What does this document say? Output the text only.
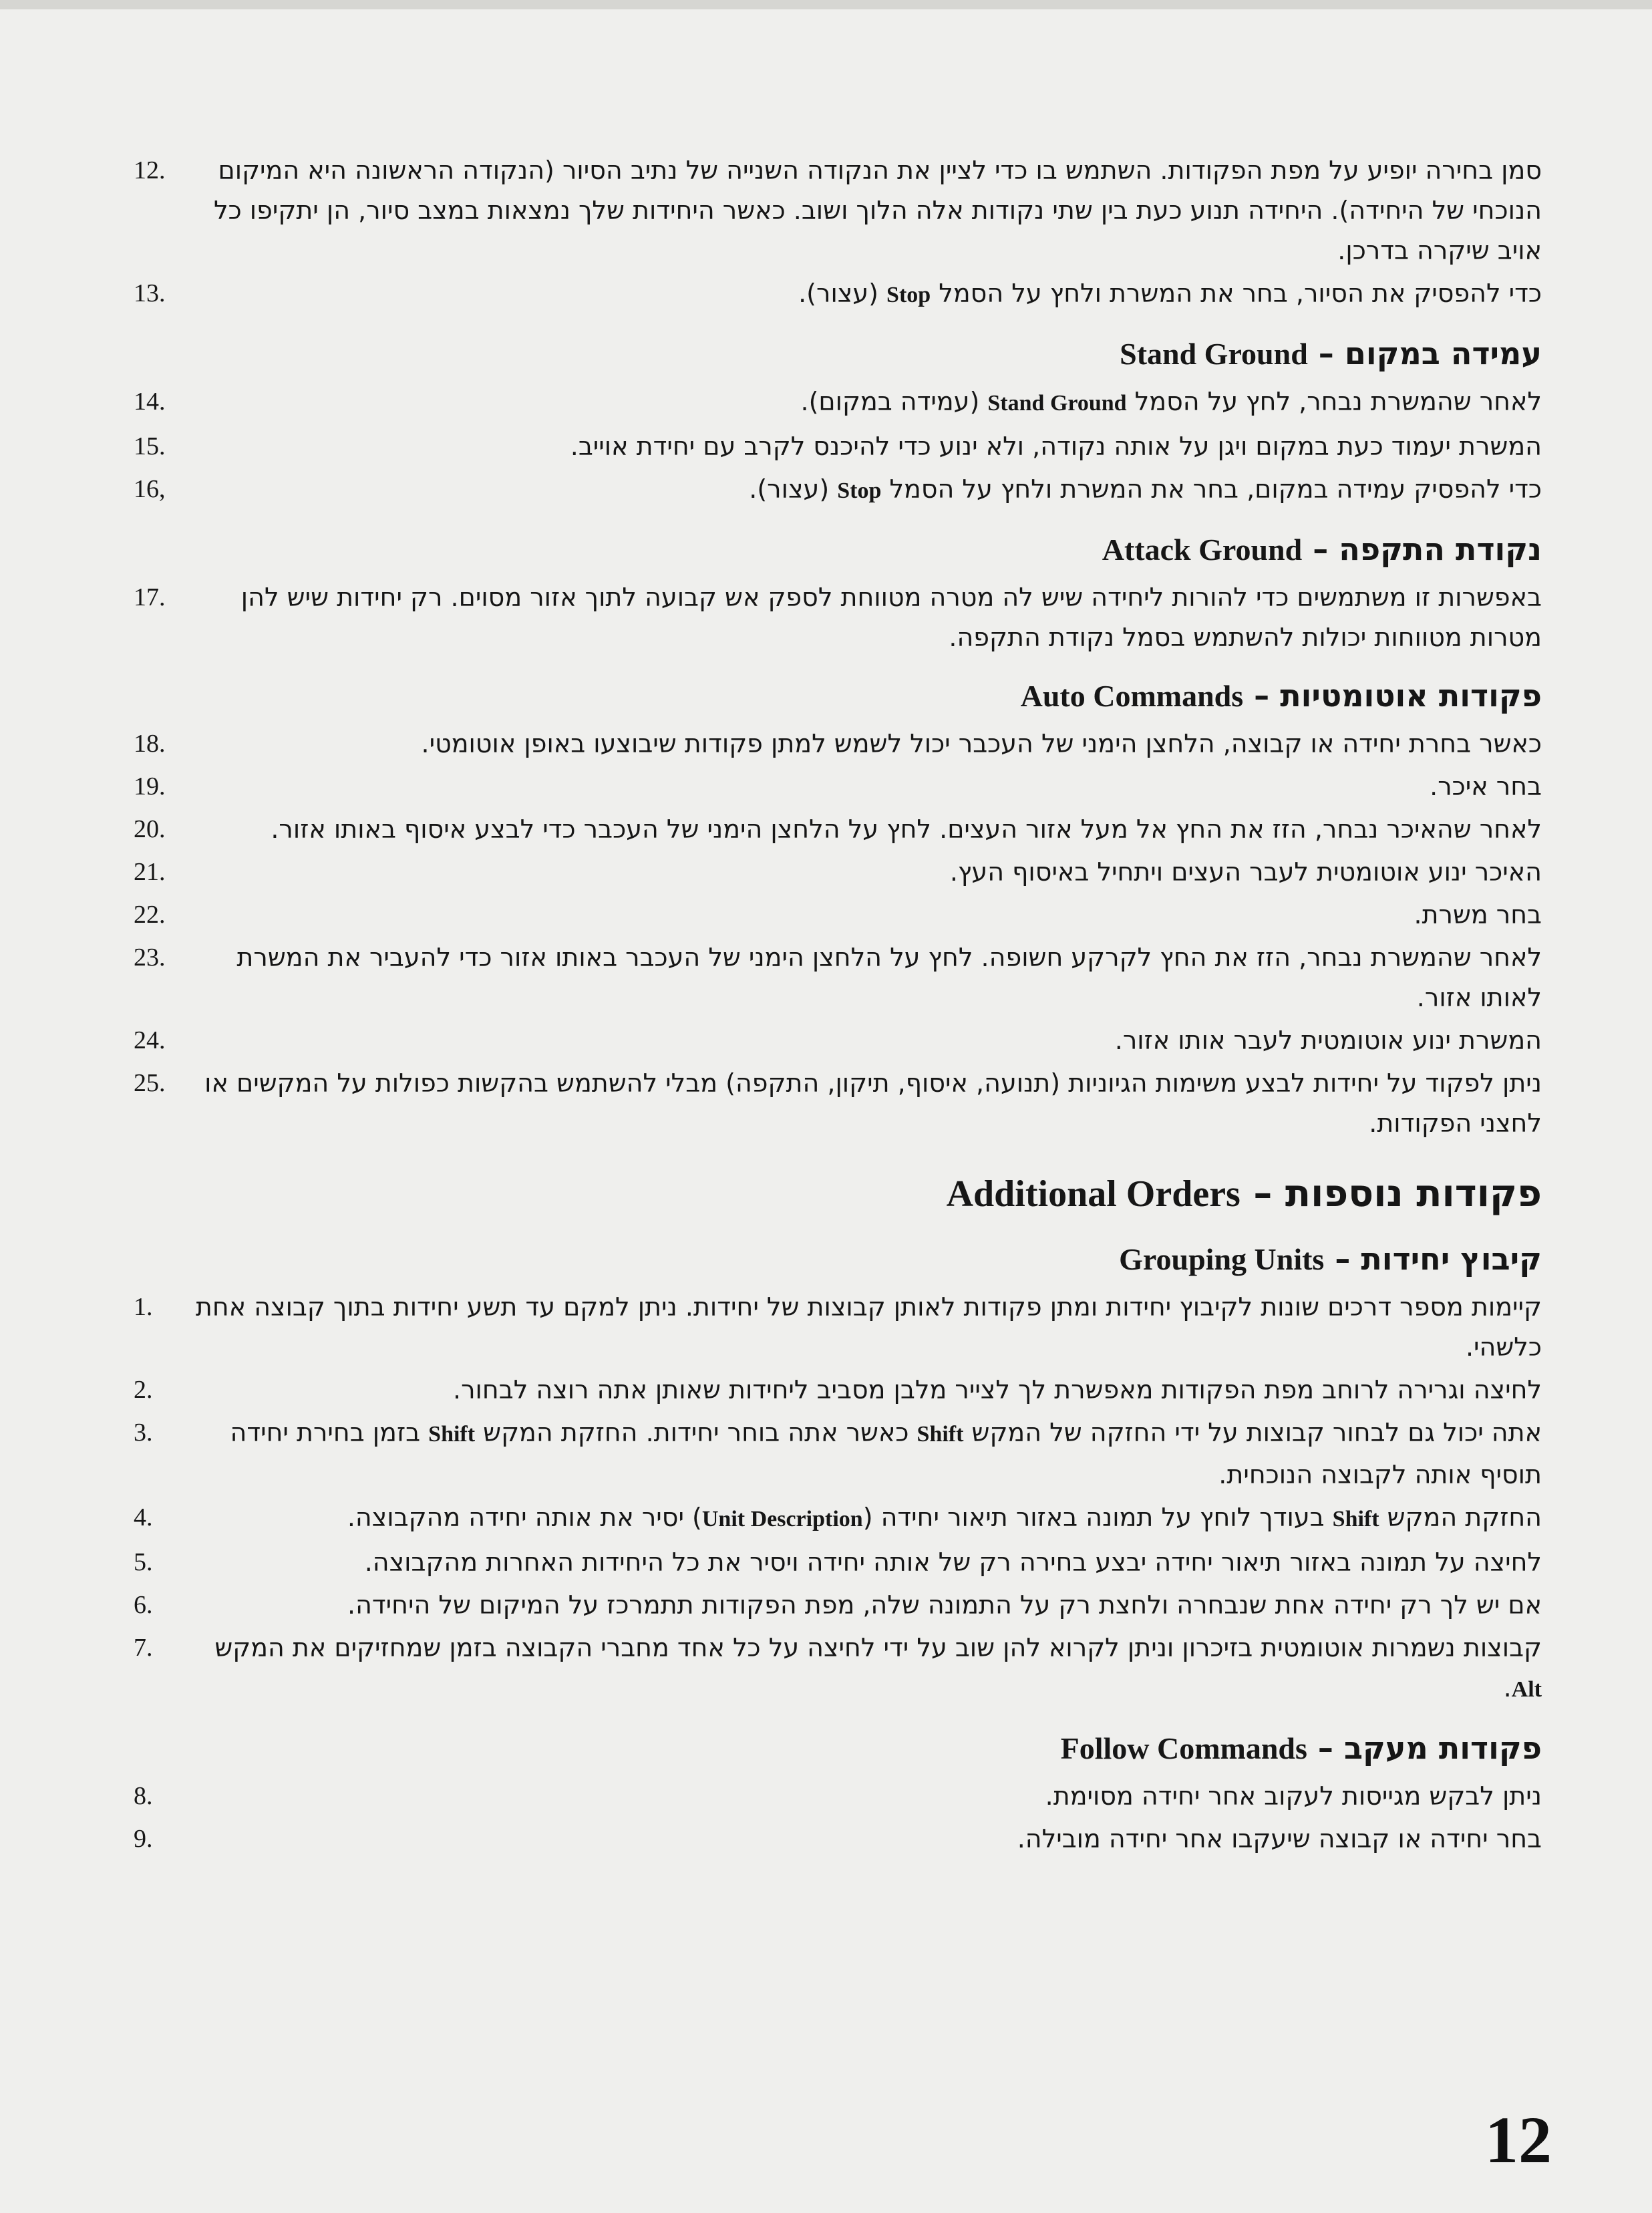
סמן בחירה יופיע על מפת הפקודות. השתמש בו כדי לציין את הנקודה השנייה של נתיב הסיור (הנקודה הראשונה היא המיקום הנוכחי של היחידה). היחידה תנוע כעת בין שתי נקודות אלה הלוך ושוב. כאשר היחידות שלך נמצאות במצב סיור, הן יתקיפו כל אויב שיקרה בדרכן.
12.
כדי להפסיק את הסיור, בחר את המשרת ולחץ על הסמל Stop (עצור).
13.
עמידה במקום – Stand Ground
לאחר שהמשרת נבחר, לחץ על הסמל Stand Ground (עמידה במקום).
14.
המשרת יעמוד כעת במקום ויגן על אותה נקודה, ולא ינוע כדי להיכנס לקרב עם יחידת אוייב.
15.
כדי להפסיק עמידה במקום, בחר את המשרת ולחץ על הסמל Stop (עצור).
16,
נקודת התקפה – Attack Ground
באפשרות זו משתמשים כדי להורות ליחידה שיש לה מטרה מטווחת לספק אש קבועה לתוך אזור מסוים. רק יחידות שיש להן מטרות מטווחות יכולות להשתמש בסמל נקודת התקפה.
17.
פקודות אוטומטיות – Auto Commands
כאשר בחרת יחידה או קבוצה, הלחצן הימני של העכבר יכול לשמש למתן פקודות שיבוצעו באופן אוטומטי.
18.
בחר איכר.
19.
לאחר שהאיכר נבחר, הזז את החץ אל מעל אזור העצים. לחץ על הלחצן הימני של העכבר כדי לבצע איסוף באותו אזור.
20.
האיכר ינוע אוטומטית לעבר העצים ויתחיל באיסוף העץ.
21.
בחר משרת.
22.
לאחר שהמשרת נבחר, הזז את החץ לקרקע חשופה. לחץ על הלחצן הימני של העכבר באותו אזור כדי להעביר את המשרת לאותו אזור.
23.
המשרת ינוע אוטומטית לעבר אותו אזור.
24.
ניתן לפקוד על יחידות לבצע משימות הגיוניות (תנועה, איסוף, תיקון, התקפה) מבלי להשתמש בהקשות כפולות על המקשים או לחצני הפקודות.
25.
פקודות נוספות – Additional Orders
קיבוץ יחידות – Grouping Units
קיימות מספר דרכים שונות לקיבוץ יחידות ומתן פקודות לאותן קבוצות של יחידות. ניתן למקם עד תשע יחידות בתוך קבוצה אחת כלשהי.
1.
לחיצה וגרירה לרוחב מפת הפקודות מאפשרת לך לצייר מלבן מסביב ליחידות שאותן אתה רוצה לבחור.
2.
אתה יכול גם לבחור קבוצות על ידי החזקה של המקש Shift כאשר אתה בוחר יחידות. החזקת המקש Shift בזמן בחירת יחידה תוסיף אותה לקבוצה הנוכחית.
3.
החזקת המקש Shift בעודך לוחץ על תמונה באזור תיאור יחידה (Unit Description) יסיר את אותה יחידה מהקבוצה.
4.
לחיצה על תמונה באזור תיאור יחידה יבצע בחירה רק של אותה יחידה ויסיר את כל היחידות האחרות מהקבוצה.
5.
אם יש לך רק יחידה אחת שנבחרה ולחצת רק על התמונה שלה, מפת הפקודות תתמרכז על המיקום של היחידה.
6.
קבוצות נשמרות אוטומטית בזיכרון וניתן לקרוא להן שוב על ידי לחיצה על כל אחד מחברי הקבוצה בזמן שמחזיקים את המקש Alt.
7.
פקודות מעקב – Follow Commands
ניתן לבקש מגייסות לעקוב אחר יחידה מסוימת.
8.
בחר יחידה או קבוצה שיעקבו אחר יחידה מובילה.
9.
12
